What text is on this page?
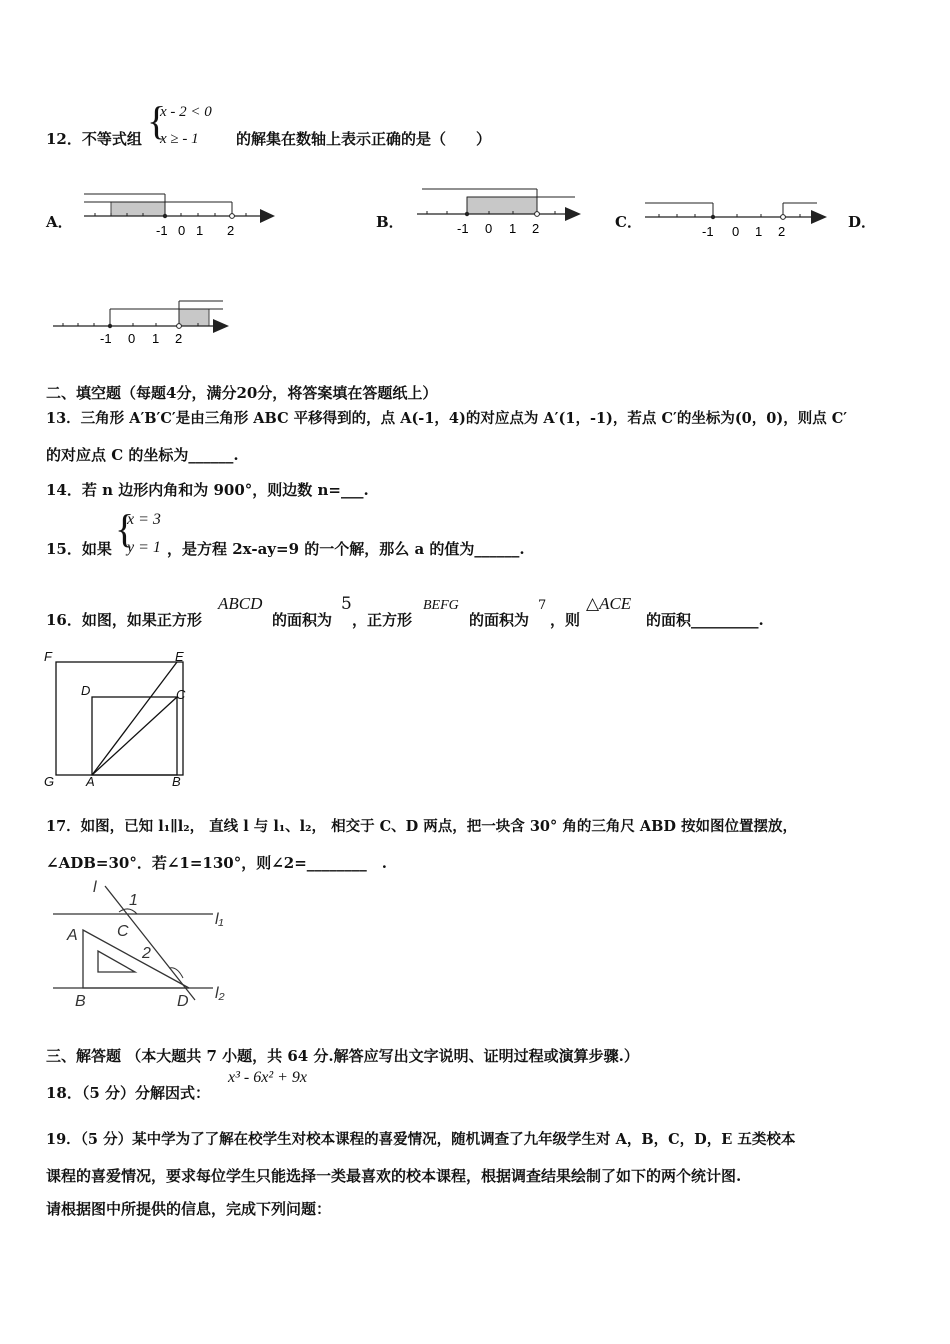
12．不等式组 {
x - 2 < 0
x ≥ - 1 的解集在数轴上表示正确的是（　　）
A．	B．	C．	D．
-1 0 1 2	-1 0 1 2	-1 0 1 2
-1 0 1 2
二、填空题（每题4分，满分20分，将答案填在答题纸上）
13．三角形 A′B′C′是由三角形 ABC 平移得到的，点 A(-1，4)的对应点为 A′(1，-1)，若点 C′的坐标为(0，0)，则点 C′
的对应点 C 的坐标为______.
14．若 n 边形内角和为 900°，则边数 n=___.
15．如果 {
x = 3
y = 1 ，是方程 2x-ay=9 的一个解，那么 a 的值为______.
16．如图，如果正方形
ABCD
的面积为
5
，正方形
BEFG
的面积为
7
，则
△ACE
的面积_________.
F	E
D	C
G A	B
17．如图，已知 l₁∥l₂， 直线 l 与 l₁、l₂， 相交于 C、D 两点，把一块含 30° 角的三角尺 ABD 按如图位置摆放，
∠ADB=30°．若∠1=130°，则∠2=________　.
l
1
l₁
A C
2
B	D l₂
三、解答题 （本大题共 7 小题，共 64 分.解答应写出文字说明、证明过程或演算步骤.）
18．（5 分）分解因式：
x³ - 6x² + 9x
19．（5 分）某中学为了了解在校学生对校本课程的喜爱情况，随机调查了九年级学生对 A，B，C，D，E 五类校本
课程的喜爱情况，要求每位学生只能选择一类最喜欢的校本课程，根据调查结果绘制了如下的两个统计图.
请根据图中所提供的信息，完成下列问题：
